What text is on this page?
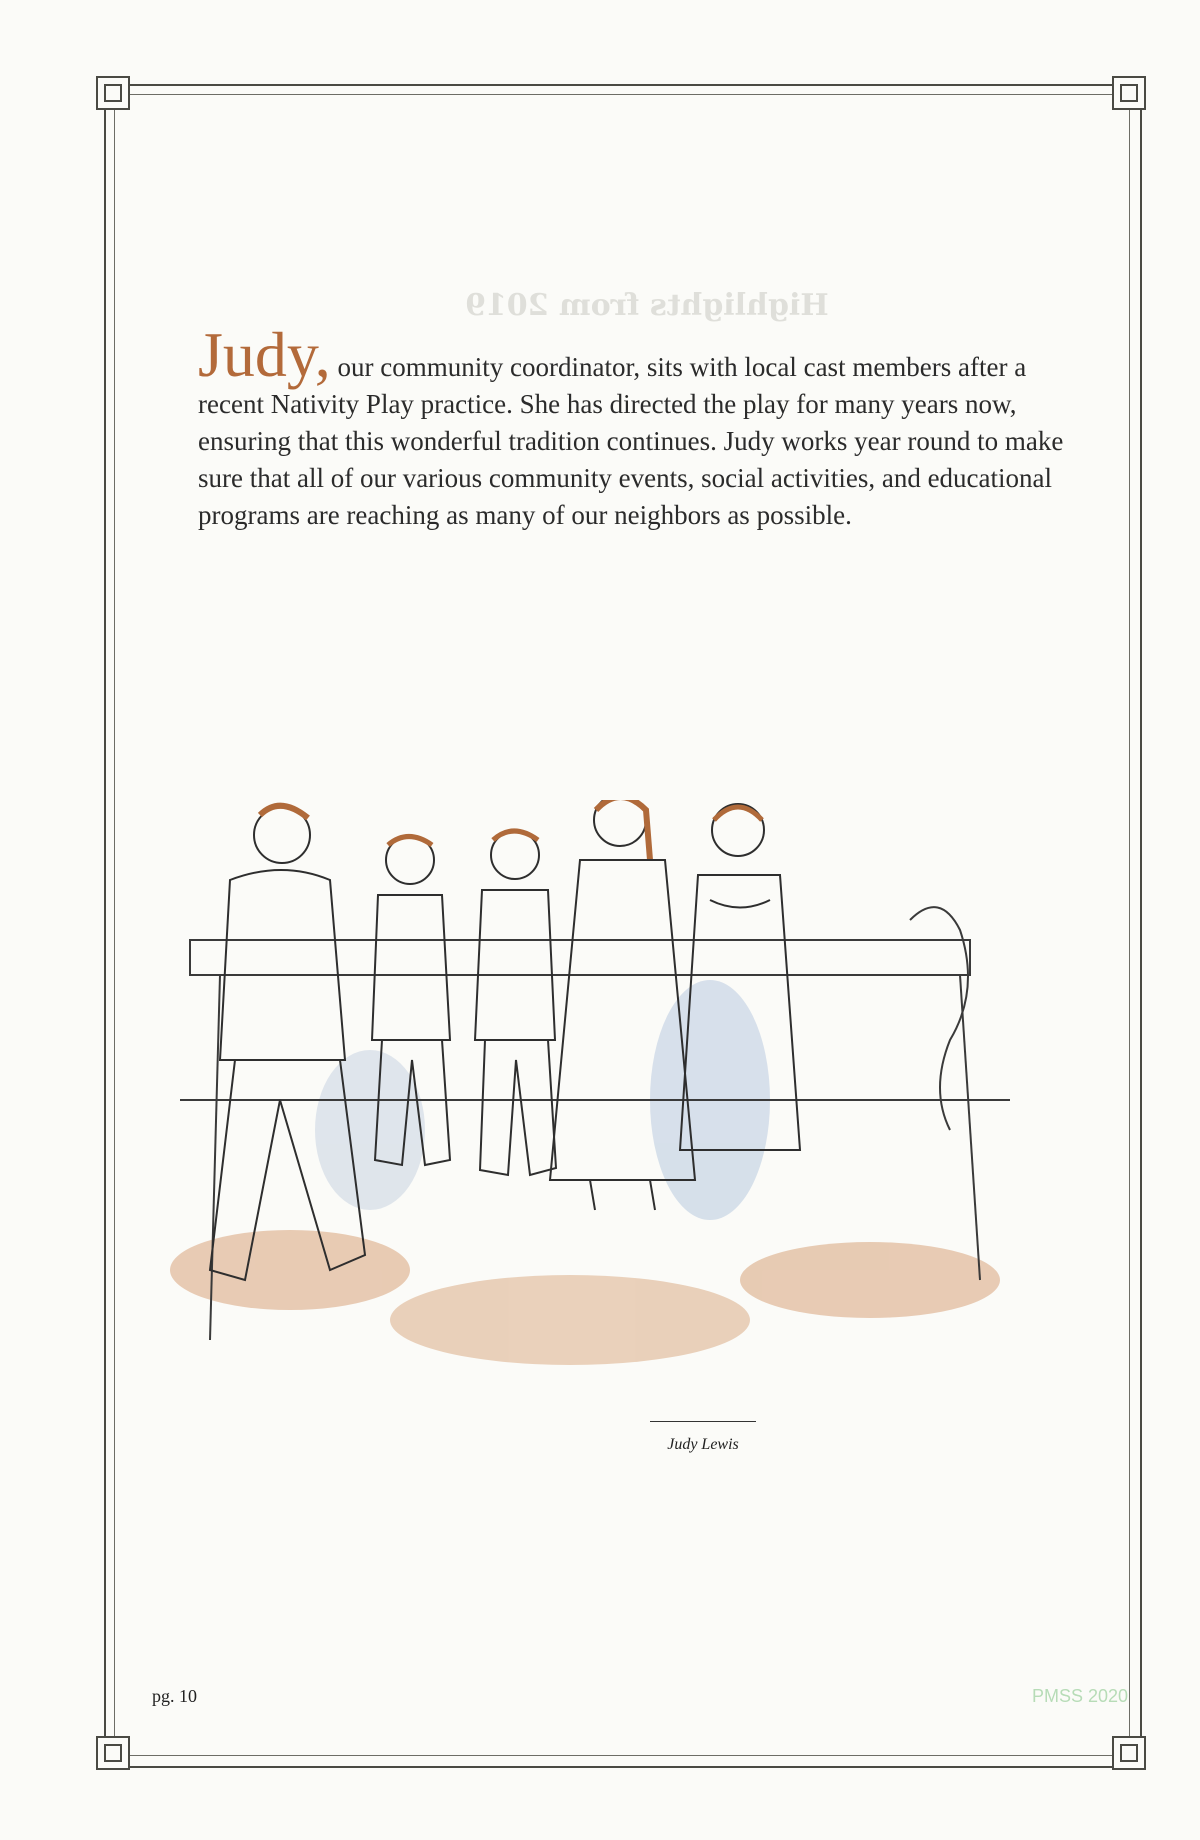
Highlights from 2019
Judy, our community coordinator, sits with local cast members after a recent Nativity Play practice. She has directed the play for many years now, ensuring that this wonderful tradition continues. Judy works year round to make sure that all of our various community events, social activities, and educational programs are reaching as many of our neighbors as possible.
Judy Lewis
pg. 10	PMSS 2020
